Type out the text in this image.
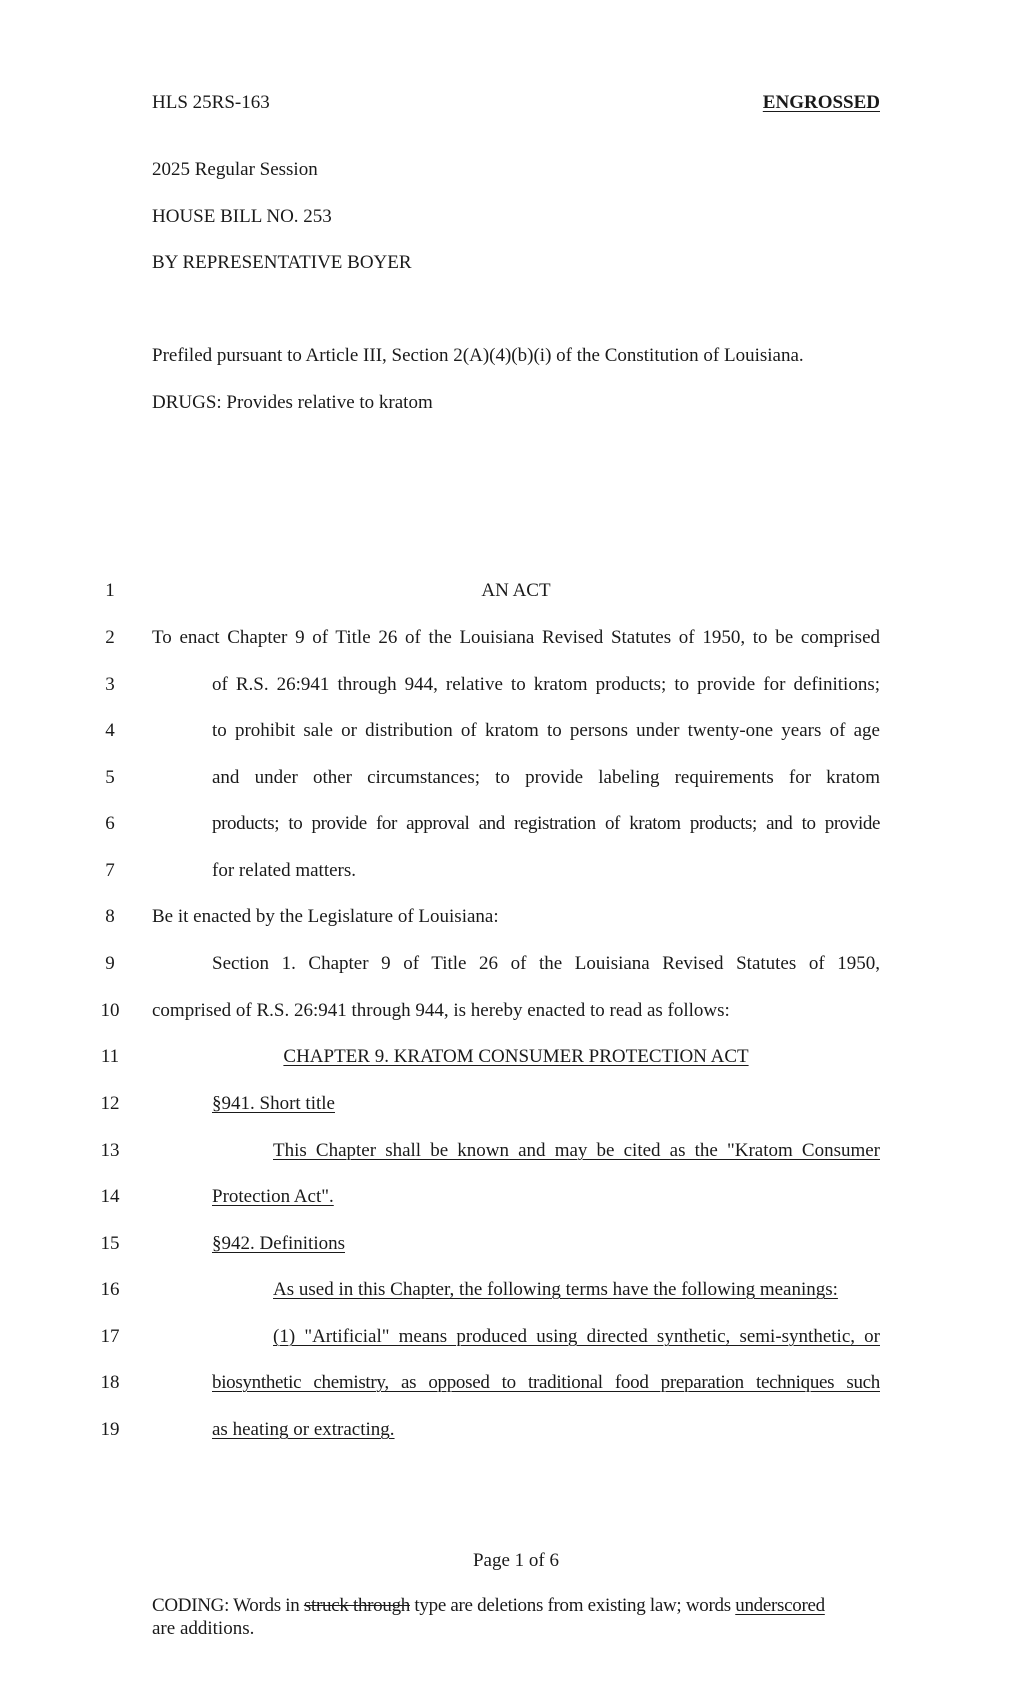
HLS 25RS-163	ENGROSSED
2025 Regular Session
HOUSE BILL NO. 253
BY REPRESENTATIVE BOYER
Prefiled pursuant to Article III, Section 2(A)(4)(b)(i) of the Constitution of Louisiana.
DRUGS: Provides relative to kratom
1	AN ACT
2	To enact Chapter 9 of Title 26 of the Louisiana Revised Statutes of 1950, to be comprised
3	of R.S. 26:941 through 944, relative to kratom products; to provide for definitions;
4	to prohibit sale or distribution of kratom to persons under twenty-one years of age
5	and under other circumstances; to provide labeling requirements for kratom
6	products; to provide for approval and registration of kratom products; and to provide
7	for related matters.
8	Be it enacted by the Legislature of Louisiana:
9	Section 1. Chapter 9 of Title 26 of the Louisiana Revised Statutes of 1950,
10	comprised of R.S. 26:941 through 944, is hereby enacted to read as follows:
11	CHAPTER 9. KRATOM CONSUMER PROTECTION ACT
12	§941. Short title
13	This Chapter shall be known and may be cited as the "Kratom Consumer
14	Protection Act".
15	§942. Definitions
16	As used in this Chapter, the following terms have the following meanings:
17	(1) "Artificial" means produced using directed synthetic, semi-synthetic, or
18	biosynthetic chemistry, as opposed to traditional food preparation techniques such
19	as heating or extracting.
Page 1 of 6
CODING: Words in struck through type are deletions from existing law; words underscored
are additions.
